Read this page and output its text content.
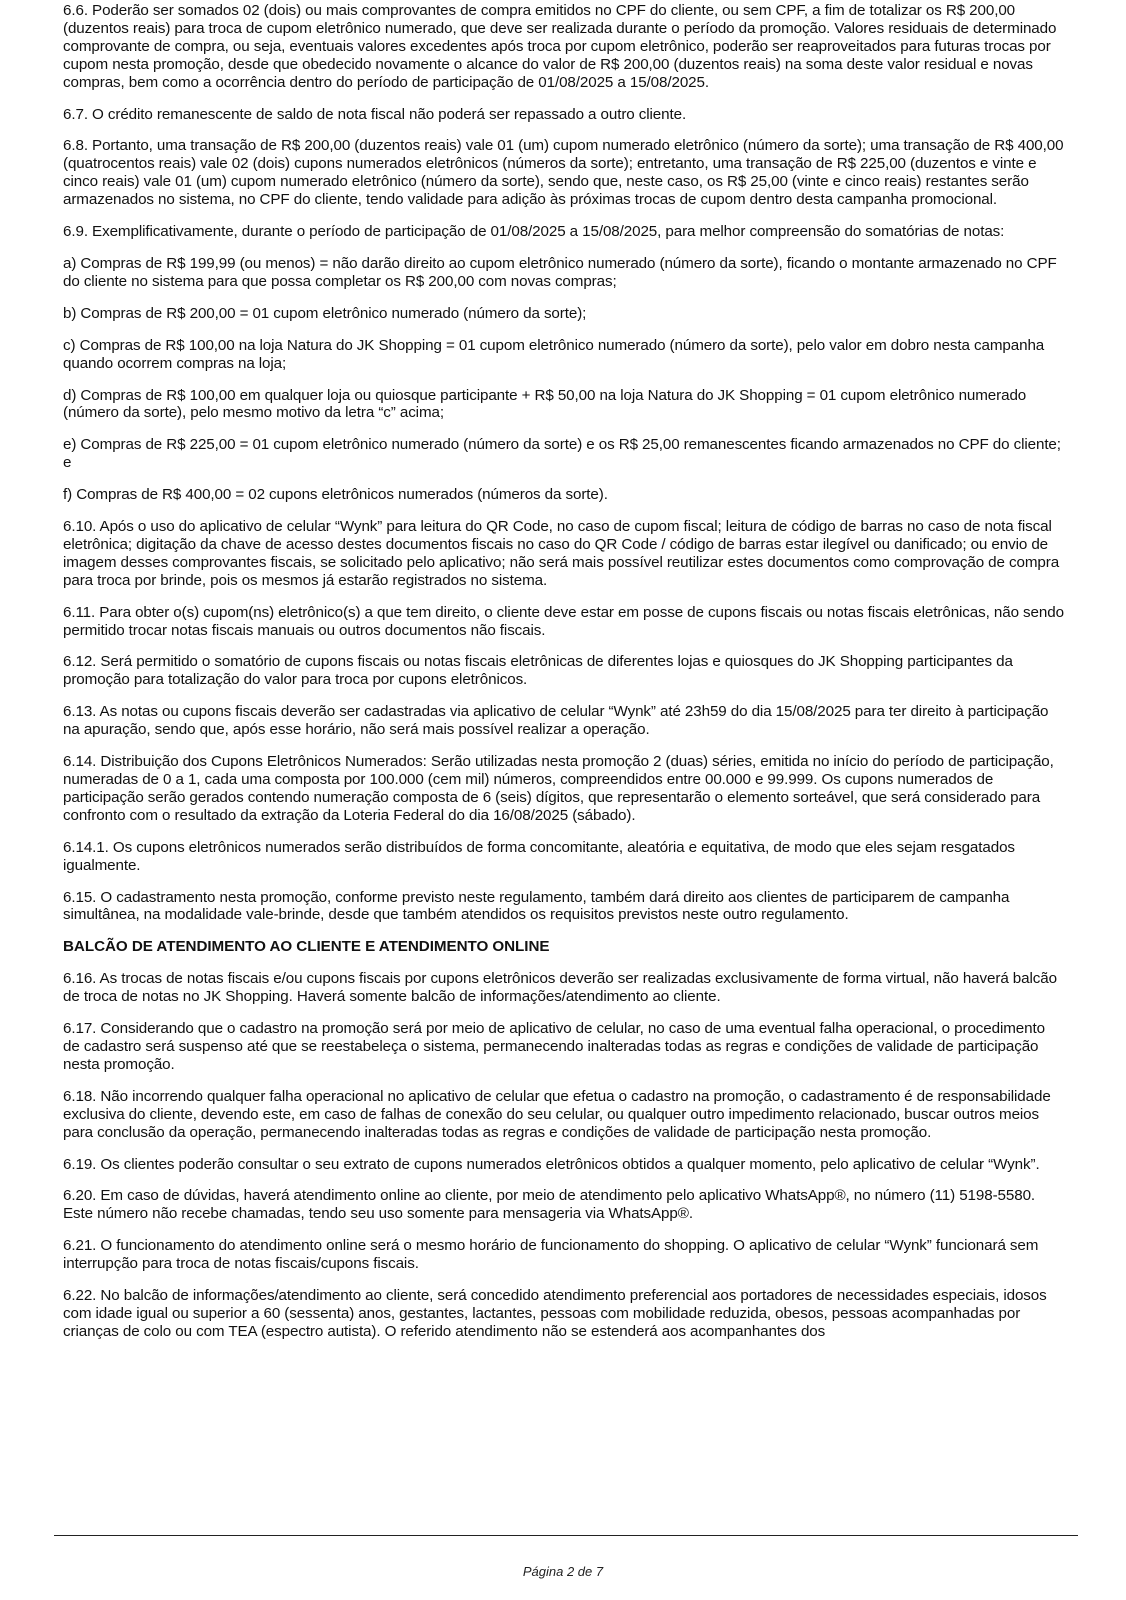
6.6. Poderão ser somados 02 (dois) ou mais comprovantes de compra emitidos no CPF do cliente, ou sem CPF, a fim de totalizar os R$ 200,00 (duzentos reais) para troca de cupom eletrônico numerado, que deve ser realizada durante o período da promoção. Valores residuais de determinado comprovante de compra, ou seja, eventuais valores excedentes após troca por cupom eletrônico, poderão ser reaproveitados para futuras trocas por cupom nesta promoção, desde que obedecido novamente o alcance do valor de R$ 200,00 (duzentos reais) na soma deste valor residual e novas compras, bem como a ocorrência dentro do período de participação de 01/08/2025 a 15/08/2025.

6.7. O crédito remanescente de saldo de nota fiscal não poderá ser repassado a outro cliente.

6.8. Portanto, uma transação de R$ 200,00 (duzentos reais) vale 01 (um) cupom numerado eletrônico (número da sorte); uma transação de R$ 400,00 (quatrocentos reais) vale 02 (dois) cupons numerados eletrônicos (números da sorte); entretanto, uma transação de R$ 225,00 (duzentos e vinte e cinco reais) vale 01 (um) cupom numerado eletrônico (número da sorte), sendo que, neste caso, os R$ 25,00 (vinte e cinco reais) restantes serão armazenados no sistema, no CPF do cliente, tendo validade para adição às próximas trocas de cupom dentro desta campanha promocional.

6.9. Exemplificativamente, durante o período de participação de 01/08/2025 a 15/08/2025, para melhor compreensão do somatórias de notas:

a) Compras de R$ 199,99 (ou menos) = não darão direito ao cupom eletrônico numerado (número da sorte), ficando o montante armazenado no CPF do cliente no sistema para que possa completar os R$ 200,00 com novas compras;

b) Compras de R$ 200,00 = 01 cupom eletrônico numerado (número da sorte);

c) Compras de R$ 100,00 na loja Natura do JK Shopping = 01 cupom eletrônico numerado (número da sorte), pelo valor em dobro nesta campanha quando ocorrem compras na loja;

d) Compras de R$ 100,00 em qualquer loja ou quiosque participante + R$ 50,00 na loja Natura do JK Shopping = 01 cupom eletrônico numerado (número da sorte), pelo mesmo motivo da letra “c” acima;

e) Compras de R$ 225,00 = 01 cupom eletrônico numerado (número da sorte) e os R$ 25,00 remanescentes ficando armazenados no CPF do cliente; e

f) Compras de R$ 400,00 = 02 cupons eletrônicos numerados (números da sorte).

6.10. Após o uso do aplicativo de celular “Wynk” para leitura do QR Code, no caso de cupom fiscal; leitura de código de barras no caso de nota fiscal eletrônica; digitação da chave de acesso destes documentos fiscais no caso do QR Code / código de barras estar ilegível ou danificado; ou envio de imagem desses comprovantes fiscais, se solicitado pelo aplicativo; não será mais possível reutilizar estes documentos como comprovação de compra para troca por brinde, pois os mesmos já estarão registrados no sistema.

6.11. Para obter o(s) cupom(ns) eletrônico(s) a que tem direito, o cliente deve estar em posse de cupons fiscais ou notas fiscais eletrônicas, não sendo permitido trocar notas fiscais manuais ou outros documentos não fiscais.

6.12. Será permitido o somatório de cupons fiscais ou notas fiscais eletrônicas de diferentes lojas e quiosques do JK Shopping participantes da promoção para totalização do valor para troca por cupons eletrônicos.

6.13. As notas ou cupons fiscais deverão ser cadastradas via aplicativo de celular “Wynk” até 23h59 do dia 15/08/2025 para ter direito à participação na apuração, sendo que, após esse horário, não será mais possível realizar a operação.

6.14. Distribuição dos Cupons Eletrônicos Numerados: Serão utilizadas nesta promoção 2 (duas) séries, emitida no início do período de participação, numeradas de 0 a 1, cada uma composta por 100.000 (cem mil) números, compreendidos entre 00.000 e 99.999. Os cupons numerados de participação serão gerados contendo numeração composta de 6 (seis) dígitos, que representarão o elemento sorteável, que será considerado para confronto com o resultado da extração da Loteria Federal do dia 16/08/2025 (sábado).

6.14.1. Os cupons eletrônicos numerados serão distribuídos de forma concomitante, aleatória e equitativa, de modo que eles sejam resgatados igualmente.

6.15. O cadastramento nesta promoção, conforme previsto neste regulamento, também dará direito aos clientes de participarem de campanha simultânea, na modalidade vale-brinde, desde que também atendidos os requisitos previstos neste outro regulamento.

BALCÃO DE ATENDIMENTO AO CLIENTE E ATENDIMENTO ONLINE

6.16. As trocas de notas fiscais e/ou cupons fiscais por cupons eletrônicos deverão ser realizadas exclusivamente de forma virtual, não haverá balcão de troca de notas no JK Shopping. Haverá somente balcão de informações/atendimento ao cliente.

6.17. Considerando que o cadastro na promoção será por meio de aplicativo de celular, no caso de uma eventual falha operacional, o procedimento de cadastro será suspenso até que se reestabeleça o sistema, permanecendo inalteradas todas as regras e condições de validade de participação nesta promoção.

6.18. Não incorrendo qualquer falha operacional no aplicativo de celular que efetua o cadastro na promoção, o cadastramento é de responsabilidade exclusiva do cliente, devendo este, em caso de falhas de conexão do seu celular, ou qualquer outro impedimento relacionado, buscar outros meios para conclusão da operação, permanecendo inalteradas todas as regras e condições de validade de participação nesta promoção.

6.19. Os clientes poderão consultar o seu extrato de cupons numerados eletrônicos obtidos a qualquer momento, pelo aplicativo de celular “Wynk”.

6.20. Em caso de dúvidas, haverá atendimento online ao cliente, por meio de atendimento pelo aplicativo WhatsApp®, no número (11) 5198-5580. Este número não recebe chamadas, tendo seu uso somente para mensageria via WhatsApp®.

6.21. O funcionamento do atendimento online será o mesmo horário de funcionamento do shopping. O aplicativo de celular “Wynk” funcionará sem interrupção para troca de notas fiscais/cupons fiscais.

6.22. No balcão de informações/atendimento ao cliente, será concedido atendimento preferencial aos portadores de necessidades especiais, idosos com idade igual ou superior a 60 (sessenta) anos, gestantes, lactantes, pessoas com mobilidade reduzida, obesos, pessoas acompanhadas por crianças de colo ou com TEA (espectro autista). O referido atendimento não se estenderá aos acompanhantes dos

Página 2 de 7
